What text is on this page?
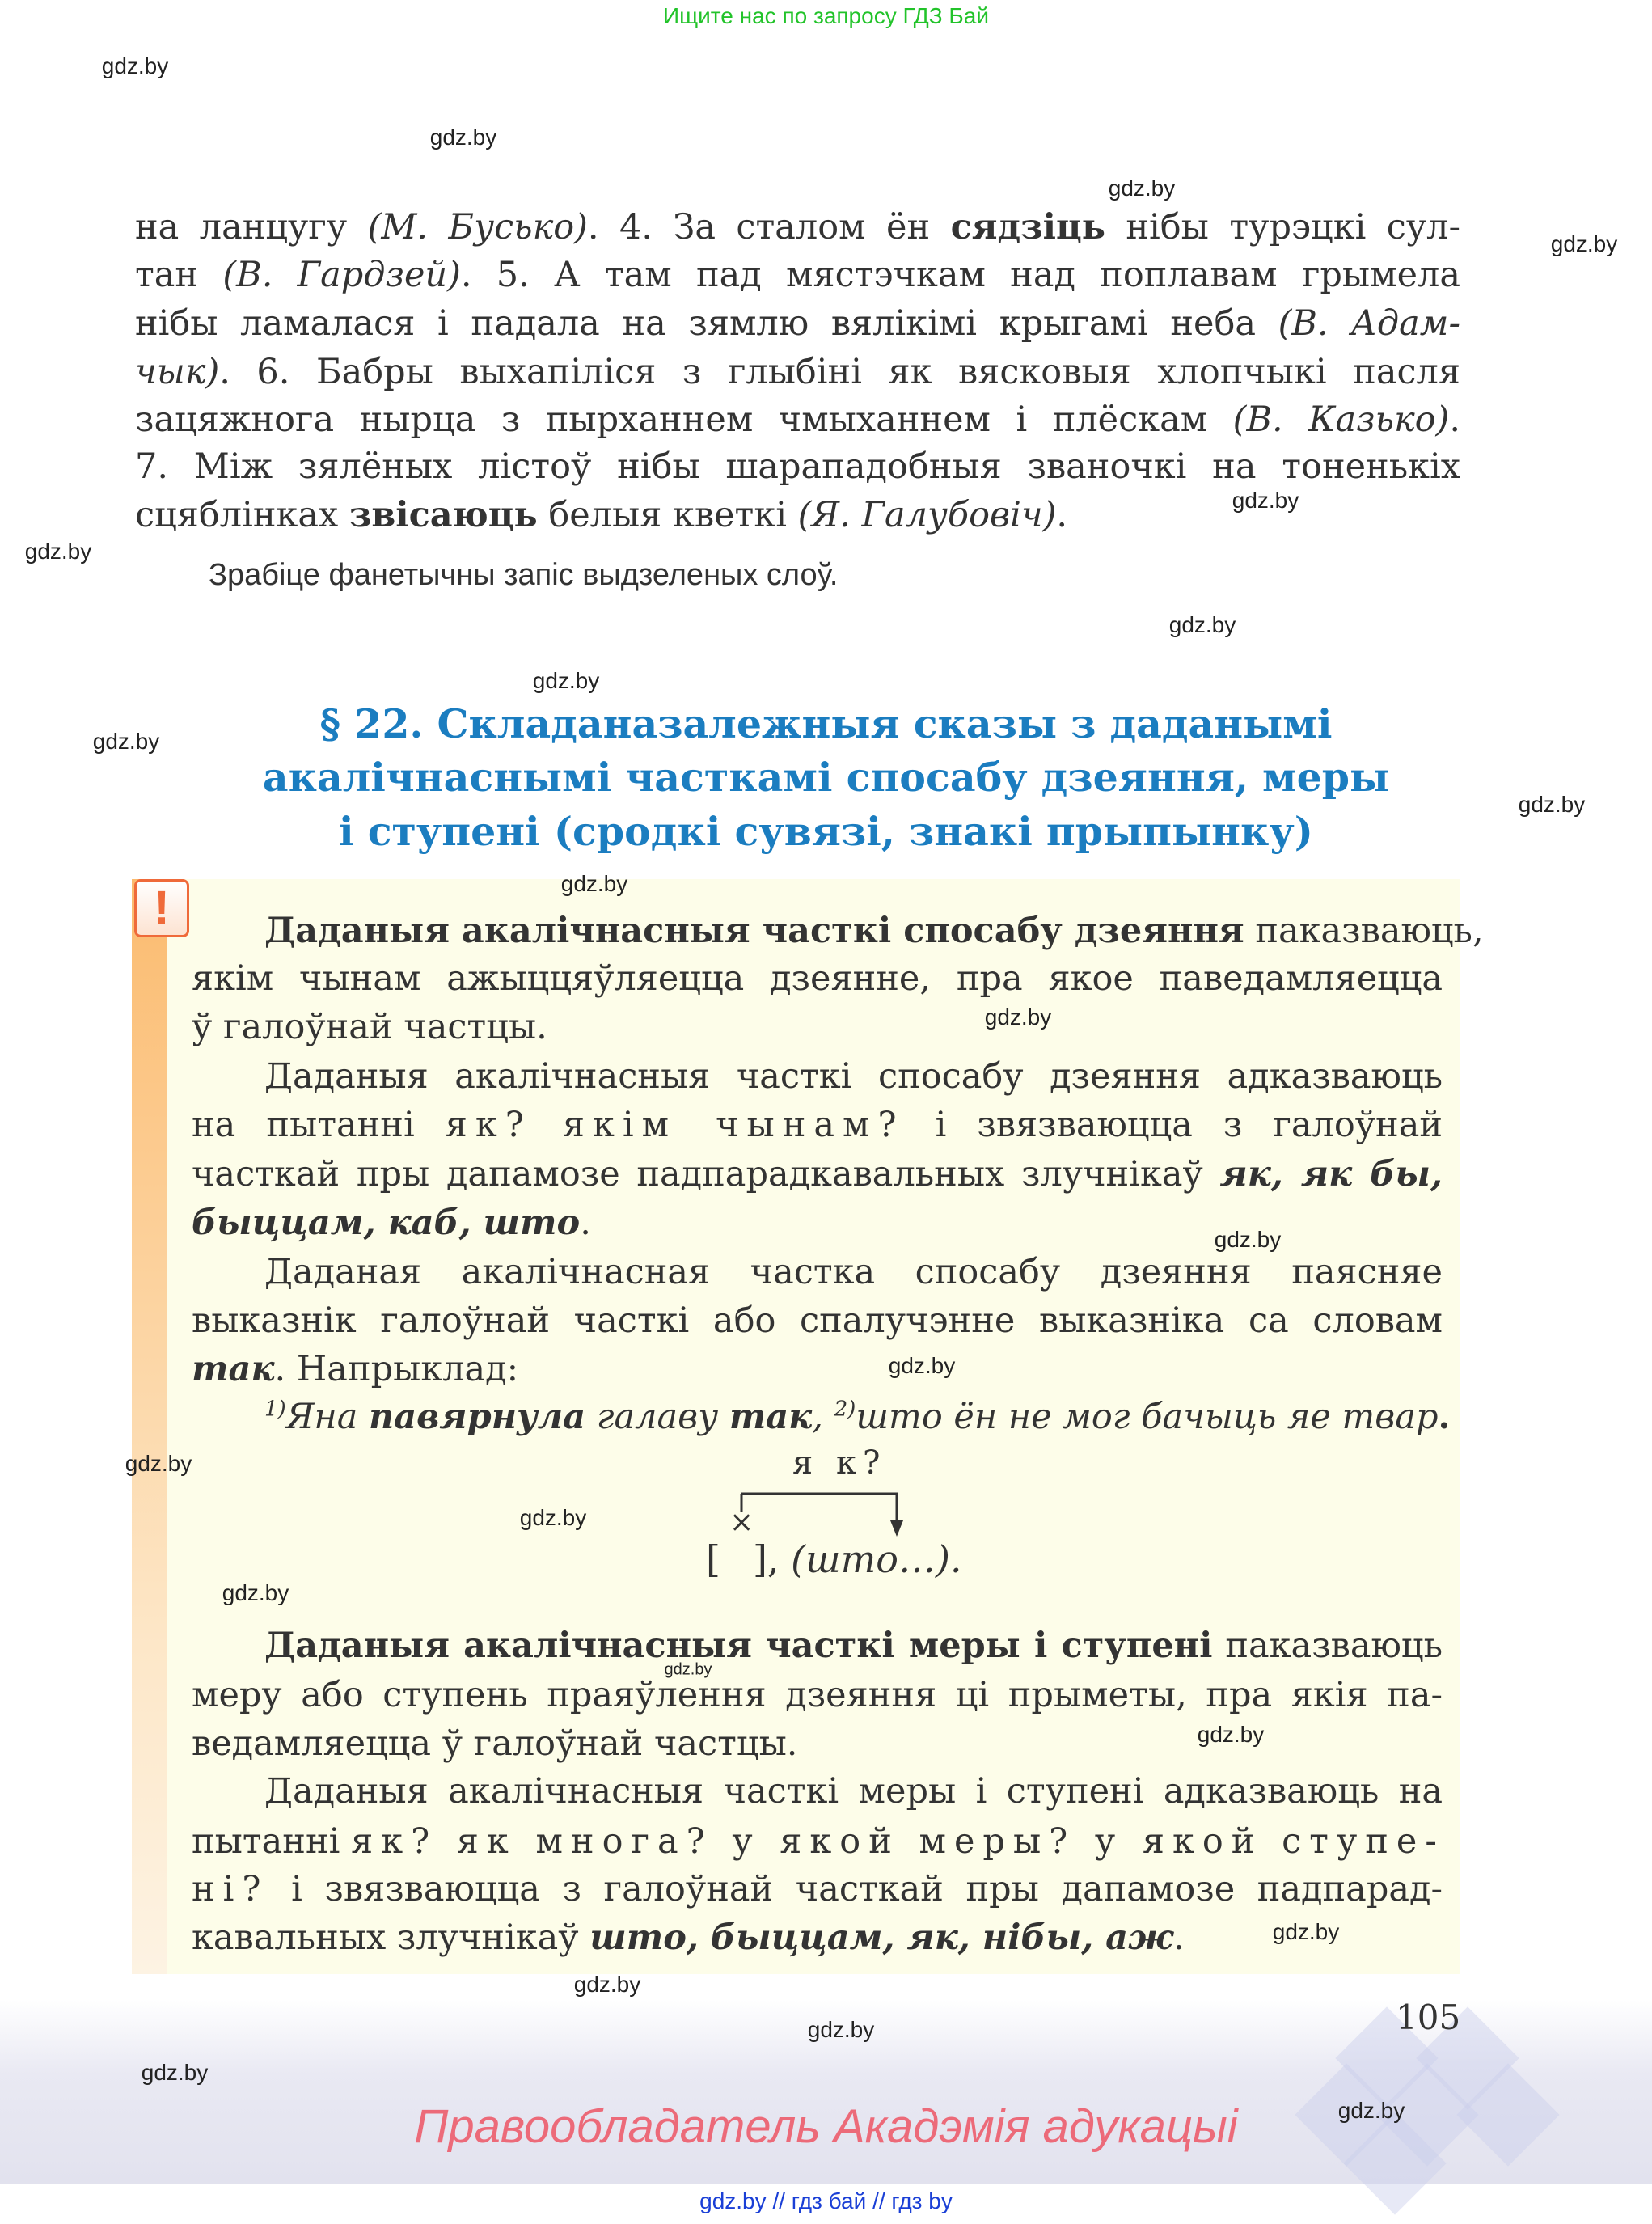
Ищите нас по запросу ГДЗ Бай
на ланцугу (М. Бусько). 4. За сталом ён сядзіць нібы турэцкі сул-
тан (В. Гардзей). 5. А там пад мястэчкам над поплавам грымела
нібы ламалася і падала на зямлю вялікімі крыгамі неба (В. Адам-
чык). 6. Бабры выхапіліся з глыбіні як вясковыя хлопчыкі пасля
зацяжнога нырца з пырханнем чмыханнем і плёскам (В. Казько).
7. Між зялёных лістоў нібы шарападобныя званочкі на тоненькіх
сцяблінках звісаюць белыя кветкі (Я. Галубовіч).
Зрабіце фанетычны запіс выдзеленых слоў.
§ 22. Складаназалежныя сказы з даданымі
акалічнаснымі часткамі спосабу дзеяння, меры
і ступені (сродкі сувязі, знакі прыпынку)
!	Даданыя акалічнасныя часткі спосабу дзеяння паказваюць,
якім чынам ажыццяўляецца дзеянне, пра якое паведамляецца
ў галоўнай частцы.
Даданыя акалічнасныя часткі спосабу дзеяння адказваюць
на пытанні як? якім чынам? і звязваюцца з галоўнай
часткай пры дапамозе падпарадкавальных злучнікаў як, як бы,
быццам, каб, што.
Даданая акалічнасная частка спосабу дзеяння паясняе
выказнік галоўнай часткі або спалучэнне выказніка са словам
так. Напрыклад:
$^{1)}$Яна павярнула галаву так, $^{2)}$што ён не мог бачыць яе твар.
Даданыя акалічнасныя часткі меры і ступені паказваюць
меру або ступень праяўлення дзеяння ці прыметы, пра якія па-
ведамляецца ў галоўнай частцы.
Даданыя акалічнасныя часткі меры і ступені адказваюць на
пытанні як? як многа? у якой меры? у якой ступе-
ні? і звязваюцца з галоўнай часткай пры дапамозе падпарад-
кавальных злучнікаў што, быццам, як, нібы, аж.
я к?
×
[ ], (што…).
105
Правообладатель Акадэмія адукацыі
gdz.by // гдз бай // гдз by
gdz.by
gdz.by
gdz.by
gdz.by
gdz.by
gdz.by
gdz.by
gdz.by
gdz.by
gdz.by
gdz.by
gdz.by
gdz.by
gdz.by
gdz.by
gdz.by
gdz.by
gdz.by
gdz.by
gdz.by
gdz.by
gdz.by
gdz.by
gdz.by
